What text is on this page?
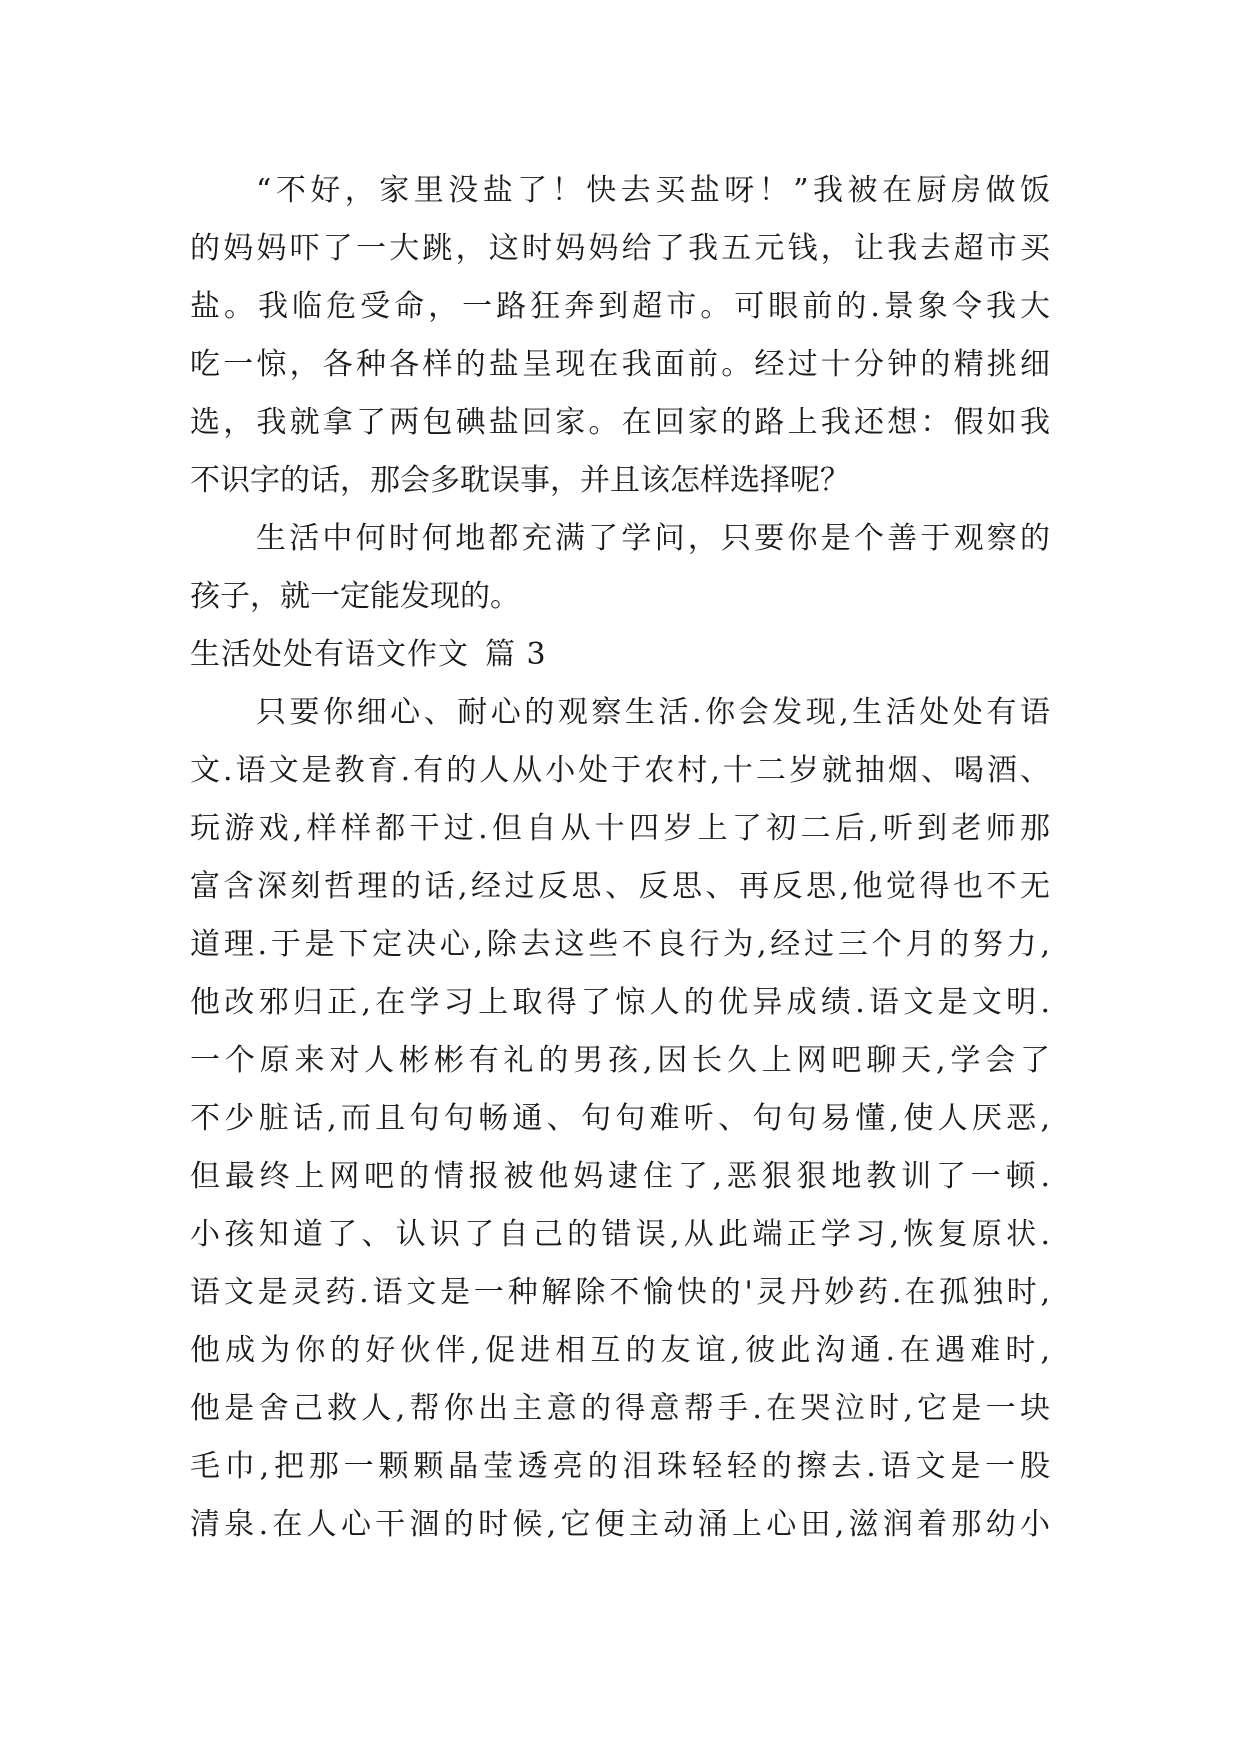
“不好，家里没盐了！快去买盐呀！”我被在厨房做饭
的妈妈吓了一大跳，这时妈妈给了我五元钱，让我去超市买
盐。我临危受命，一路狂奔到超市。可眼前的.景象令我大
吃一惊，各种各样的盐呈现在我面前。经过十分钟的精挑细
选，我就拿了两包碘盐回家。在回家的路上我还想：假如我
不识字的话，那会多耽误事，并且该怎样选择呢？
生活中何时何地都充满了学问，只要你是个善于观察的
孩子，就一定能发现的。
生活处处有语文作文 篇 3
只要你细心、耐心的观察生活.你会发现,生活处处有语
文.语文是教育.有的人从小处于农村,十二岁就抽烟、喝酒、
玩游戏,样样都干过.但自从十四岁上了初二后,听到老师那
富含深刻哲理的话,经过反思、反思、再反思,他觉得也不无
道理.于是下定决心,除去这些不良行为,经过三个月的努力,
他改邪归正,在学习上取得了惊人的优异成绩.语文是文明.
一个原来对人彬彬有礼的男孩,因长久上网吧聊天,学会了
不少脏话,而且句句畅通、句句难听、句句易懂,使人厌恶,
但最终上网吧的情报被他妈逮住了,恶狠狠地教训了一顿.
小孩知道了、认识了自己的错误,从此端正学习,恢复原状.
语文是灵药.语文是一种解除不愉快的'灵丹妙药.在孤独时,
他成为你的好伙伴,促进相互的友谊,彼此沟通.在遇难时,
他是舍己救人,帮你出主意的得意帮手.在哭泣时,它是一块
毛巾,把那一颗颗晶莹透亮的泪珠轻轻的擦去.语文是一股
清泉.在人心干涸的时候,它便主动涌上心田,滋润着那幼小
